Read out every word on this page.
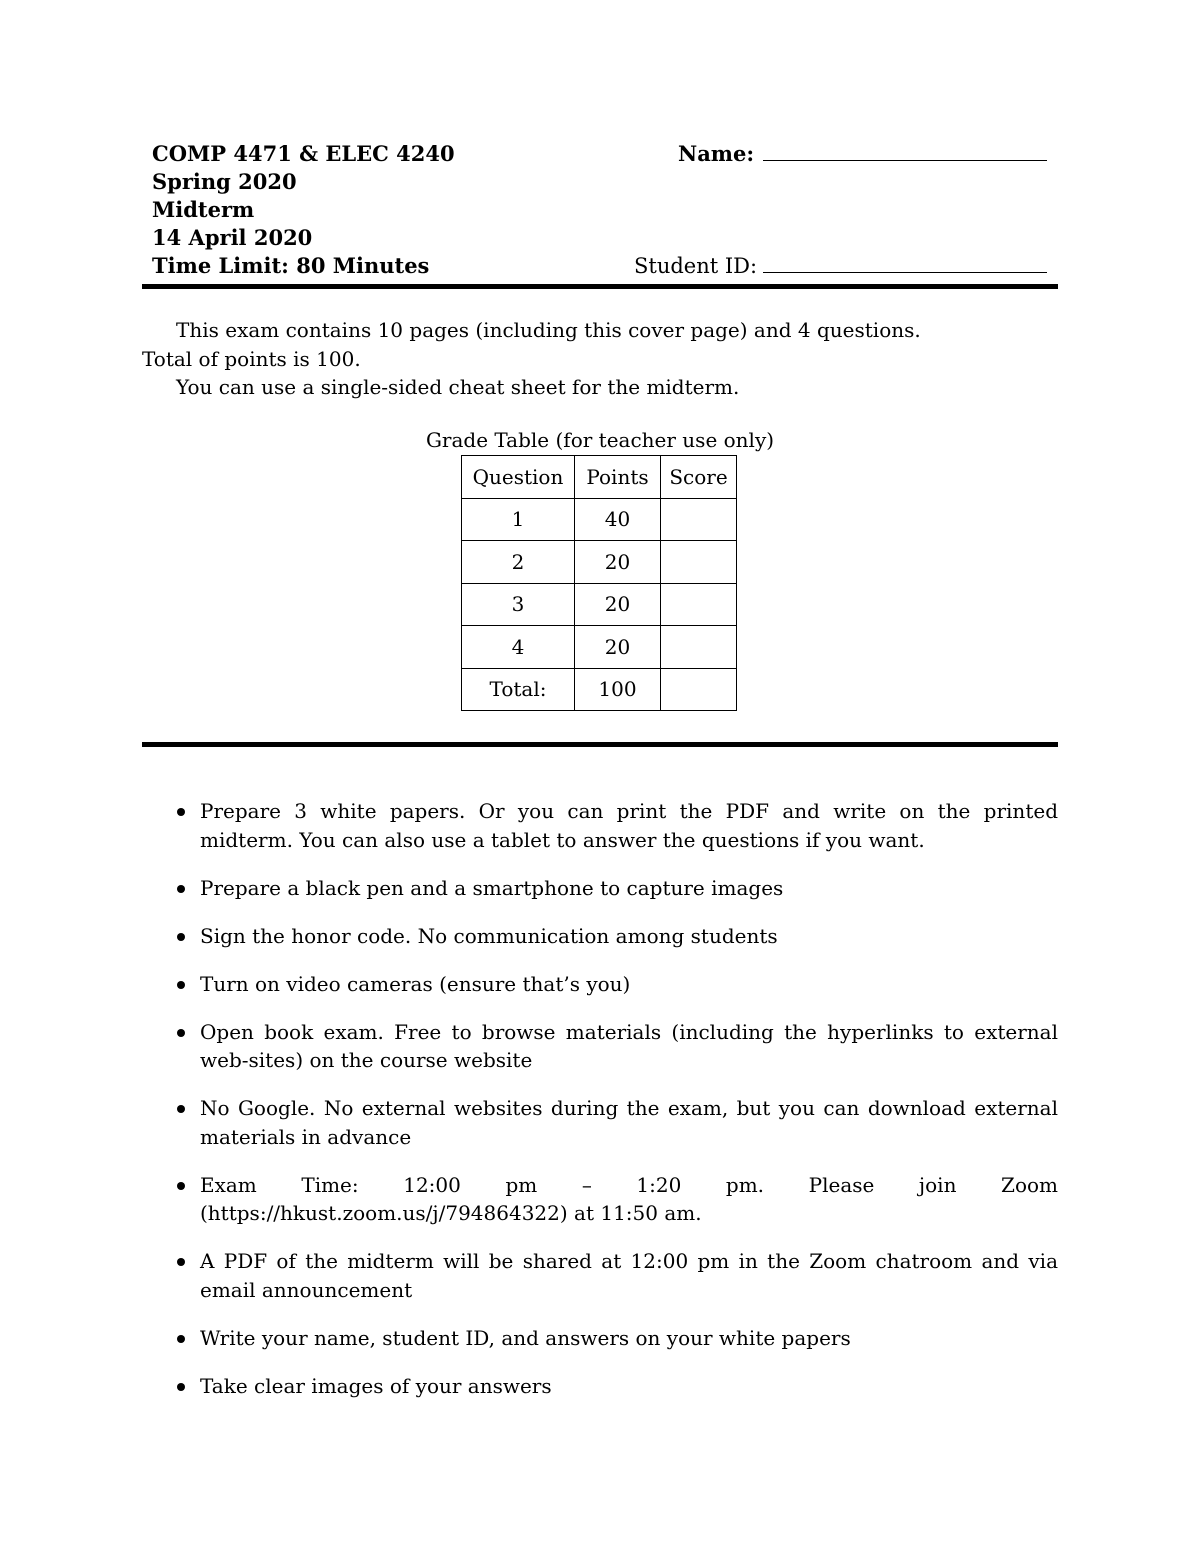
COMP 4471 & ELEC 4240
Spring 2020
Midterm
14 April 2020
Time Limit: 80 Minutes
Name:
Student ID:
This exam contains 10 pages (including this cover page) and 4 questions.
Total of points is 100.
You can use a single-sided cheat sheet for the midterm.
Grade Table (for teacher use only)
Question	Points	Score
1	40	
2	20	
3	20	
4	20	
Total:	100	
Prepare 3 white papers. Or you can print the PDF and write on the printed midterm. You can also use a tablet to answer the questions if you want.
Prepare a black pen and a smartphone to capture images
Sign the honor code. No communication among students
Turn on video cameras (ensure that’s you)
Open book exam. Free to browse materials (including the hyperlinks to external web-sites) on the course website
No Google. No external websites during the exam, but you can download external materials in advance
Exam Time: 12:00 pm – 1:20 pm. Please join Zoom (https://hkust.zoom.us/j/794864322) at 11:50 am.
A PDF of the midterm will be shared at 12:00 pm in the Zoom chatroom and via email announcement
Write your name, student ID, and answers on your white papers
Take clear images of your answers
